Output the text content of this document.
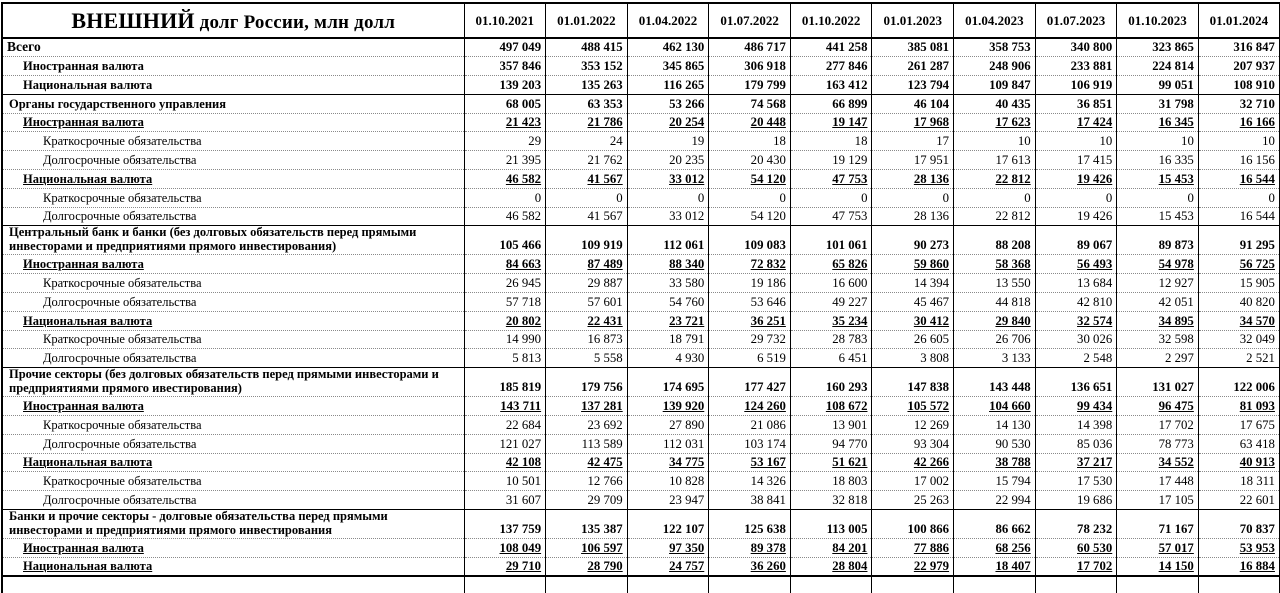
ВНЕШНИЙ долг России, млн долл	01.10.2021	01.01.2022	01.04.2022	01.07.2022	01.10.2022	01.01.2023	01.04.2023	01.07.2023	01.10.2023	01.01.2024
Всего	497 049	488 415	462 130	486 717	441 258	385 081	358 753	340 800	323 865	316 847
Иностранная валюта	357 846	353 152	345 865	306 918	277 846	261 287	248 906	233 881	224 814	207 937
Национальная валюта	139 203	135 263	116 265	179 799	163 412	123 794	109 847	106 919	99 051	108 910
Органы государственного управления	68 005	63 353	53 266	74 568	66 899	46 104	40 435	36 851	31 798	32 710
Иностранная валюта	21 423	21 786	20 254	20 448	19 147	17 968	17 623	17 424	16 345	16 166
Краткосрочные обязательства	29	24	19	18	18	17	10	10	10	10
Долгосрочные обязательства	21 395	21 762	20 235	20 430	19 129	17 951	17 613	17 415	16 335	16 156
Национальная валюта	46 582	41 567	33 012	54 120	47 753	28 136	22 812	19 426	15 453	16 544
Краткосрочные обязательства	0	0	0	0	0	0	0	0	0	0
Долгосрочные обязательства	46 582	41 567	33 012	54 120	47 753	28 136	22 812	19 426	15 453	16 544
Центральный банк и банки (без долговых обязательств перед прямыми инвесторами и предприятиями прямого инвестирования)	105 466	109 919	112 061	109 083	101 061	90 273	88 208	89 067	89 873	91 295
Иностранная валюта	84 663	87 489	88 340	72 832	65 826	59 860	58 368	56 493	54 978	56 725
Краткосрочные обязательства	26 945	29 887	33 580	19 186	16 600	14 394	13 550	13 684	12 927	15 905
Долгосрочные обязательства	57 718	57 601	54 760	53 646	49 227	45 467	44 818	42 810	42 051	40 820
Национальная валюта	20 802	22 431	23 721	36 251	35 234	30 412	29 840	32 574	34 895	34 570
Краткосрочные обязательства	14 990	16 873	18 791	29 732	28 783	26 605	26 706	30 026	32 598	32 049
Долгосрочные обязательства	5 813	5 558	4 930	6 519	6 451	3 808	3 133	2 548	2 297	2 521
Прочие секторы (без долговых обязательств перед прямыми инвесторами и предприятиями прямого ивестирования)	185 819	179 756	174 695	177 427	160 293	147 838	143 448	136 651	131 027	122 006
Иностранная валюта	143 711	137 281	139 920	124 260	108 672	105 572	104 660	99 434	96 475	81 093
Краткосрочные обязательства	22 684	23 692	27 890	21 086	13 901	12 269	14 130	14 398	17 702	17 675
Долгосрочные обязательства	121 027	113 589	112 031	103 174	94 770	93 304	90 530	85 036	78 773	63 418
Национальная валюта	42 108	42 475	34 775	53 167	51 621	42 266	38 788	37 217	34 552	40 913
Краткосрочные обязательства	10 501	12 766	10 828	14 326	18 803	17 002	15 794	17 530	17 448	18 311
Долгосрочные обязательства	31 607	29 709	23 947	38 841	32 818	25 263	22 994	19 686	17 105	22 601
Банки и прочие секторы - долговые обязательства перед прямыми инвесторами и предприятиями прямого инвестирования	137 759	135 387	122 107	125 638	113 005	100 866	86 662	78 232	71 167	70 837
Иностранная валюта	108 049	106 597	97 350	89 378	84 201	77 886	68 256	60 530	57 017	53 953
Национальная валюта	29 710	28 790	24 757	36 260	28 804	22 979	18 407	17 702	14 150	16 884
